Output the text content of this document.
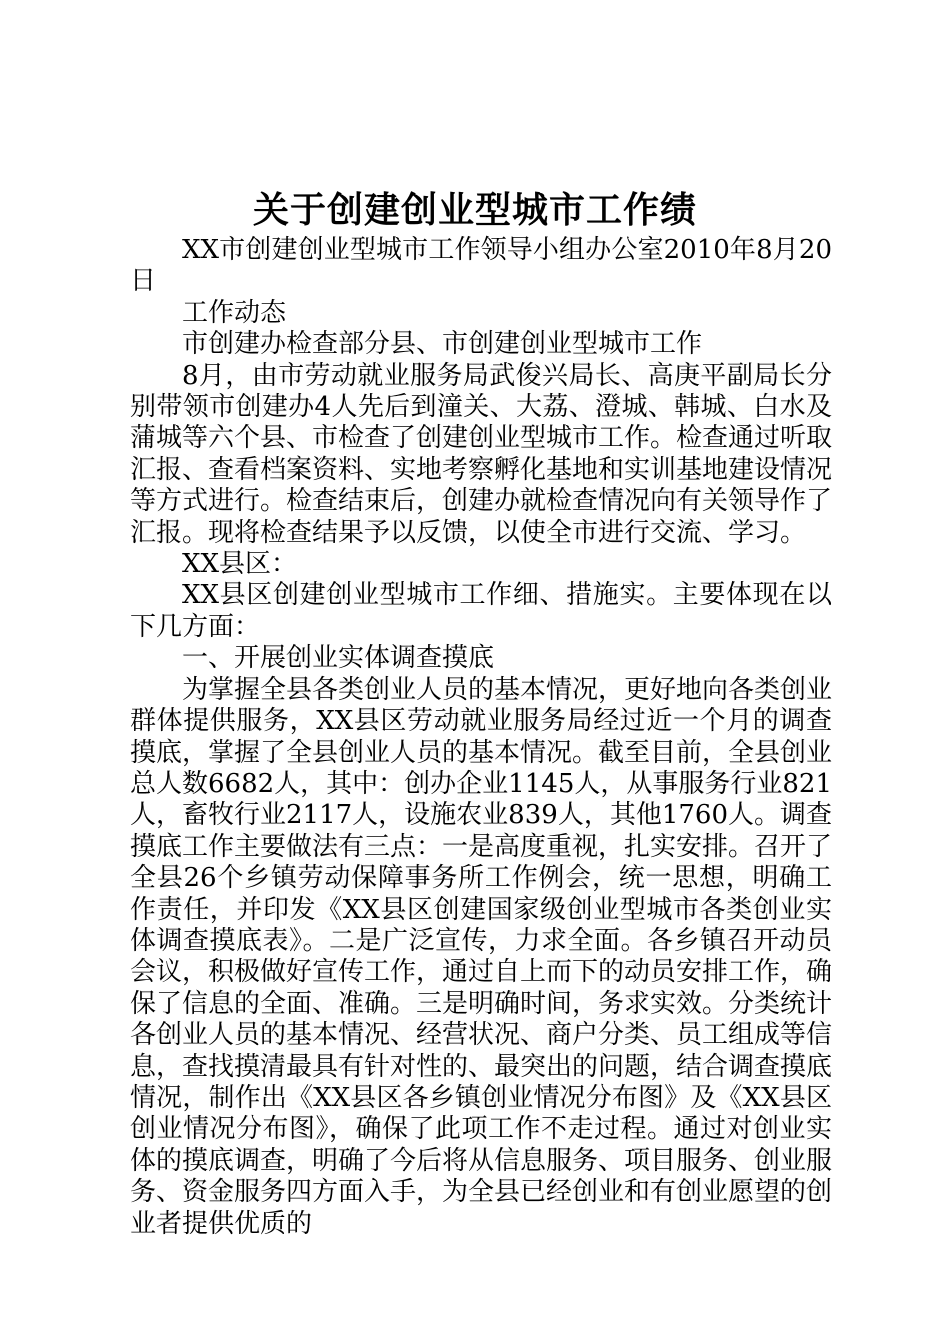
关于创建创业型城市工作绩

XX市创建创业型城市工作领导小组办公室2010年8月20日

工作动态

市创建办检查部分县、市创建创业型城市工作

8月，由市劳动就业服务局武俊兴局长、高庚平副局长分别带领市创建办4人先后到潼关、大荔、澄城、韩城、白水及蒲城等六个县、市检查了创建创业型城市工作。检查通过听取汇报、查看档案资料、实地考察孵化基地和实训基地建设情况等方式进行。检查结束后，创建办就检查情况向有关领导作了汇报。现将检查结果予以反馈，以使全市进行交流、学习。

XX县区：

XX县区创建创业型城市工作细、措施实。主要体现在以下几方面：

一、开展创业实体调查摸底

为掌握全县各类创业人员的基本情况，更好地向各类创业群体提供服务，XX县区劳动就业服务局经过近一个月的调查摸底，掌握了全县创业人员的基本情况。截至目前，全县创业总人数6682人，其中：创办企业1145人，从事服务行业821人，畜牧行业2117人，设施农业839人，其他1760人。调查摸底工作主要做法有三点：一是高度重视，扎实安排。召开了全县26个乡镇劳动保障事务所工作例会，统一思想，明确工作责任，并印发《XX县区创建国家级创业型城市各类创业实体调查摸底表》。二是广泛宣传，力求全面。各乡镇召开动员会议，积极做好宣传工作，通过自上而下的动员安排工作，确保了信息的全面、准确。三是明确时间，务求实效。分类统计各创业人员的基本情况、经营状况、商户分类、员工组成等信息，查找摸清最具有针对性的、最突出的问题，结合调查摸底情况，制作出《XX县区各乡镇创业情况分布图》及《XX县区创业情况分布图》，确保了此项工作不走过程。通过对创业实体的摸底调查，明确了今后将从信息服务、项目服务、创业服务、资金服务四方面入手，为全县已经创业和有创业愿望的创业者提供优质的
